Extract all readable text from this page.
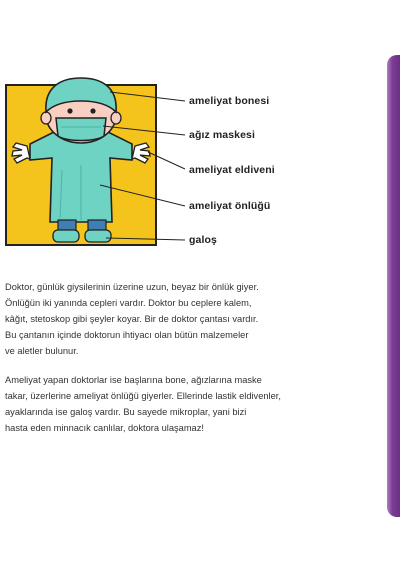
ameliyat bonesi
ağız maskesi
ameliyat eldiveni
ameliyat önlüğü
galoş

Doktor, günlük giysilerinin üzerine uzun, beyaz bir önlük giyer.

Önlüğün iki yanında cepleri vardır. Doktor bu ceplere kalem,

kâğıt, stetoskop gibi şeyler koyar. Bir de doktor çantası vardır.

Bu çantanın içinde doktorun ihtiyacı olan bütün malzemeler

ve aletler bulunur.

Ameliyat yapan doktorlar ise başlarına bone, ağızlarına maske

takar, üzerlerine ameliyat önlüğü giyerler. Ellerinde lastik eldivenler,

ayaklarında ise galoş vardır. Bu sayede mikroplar, yani bizi

hasta eden minnacık canlılar, doktora ulaşamaz!
